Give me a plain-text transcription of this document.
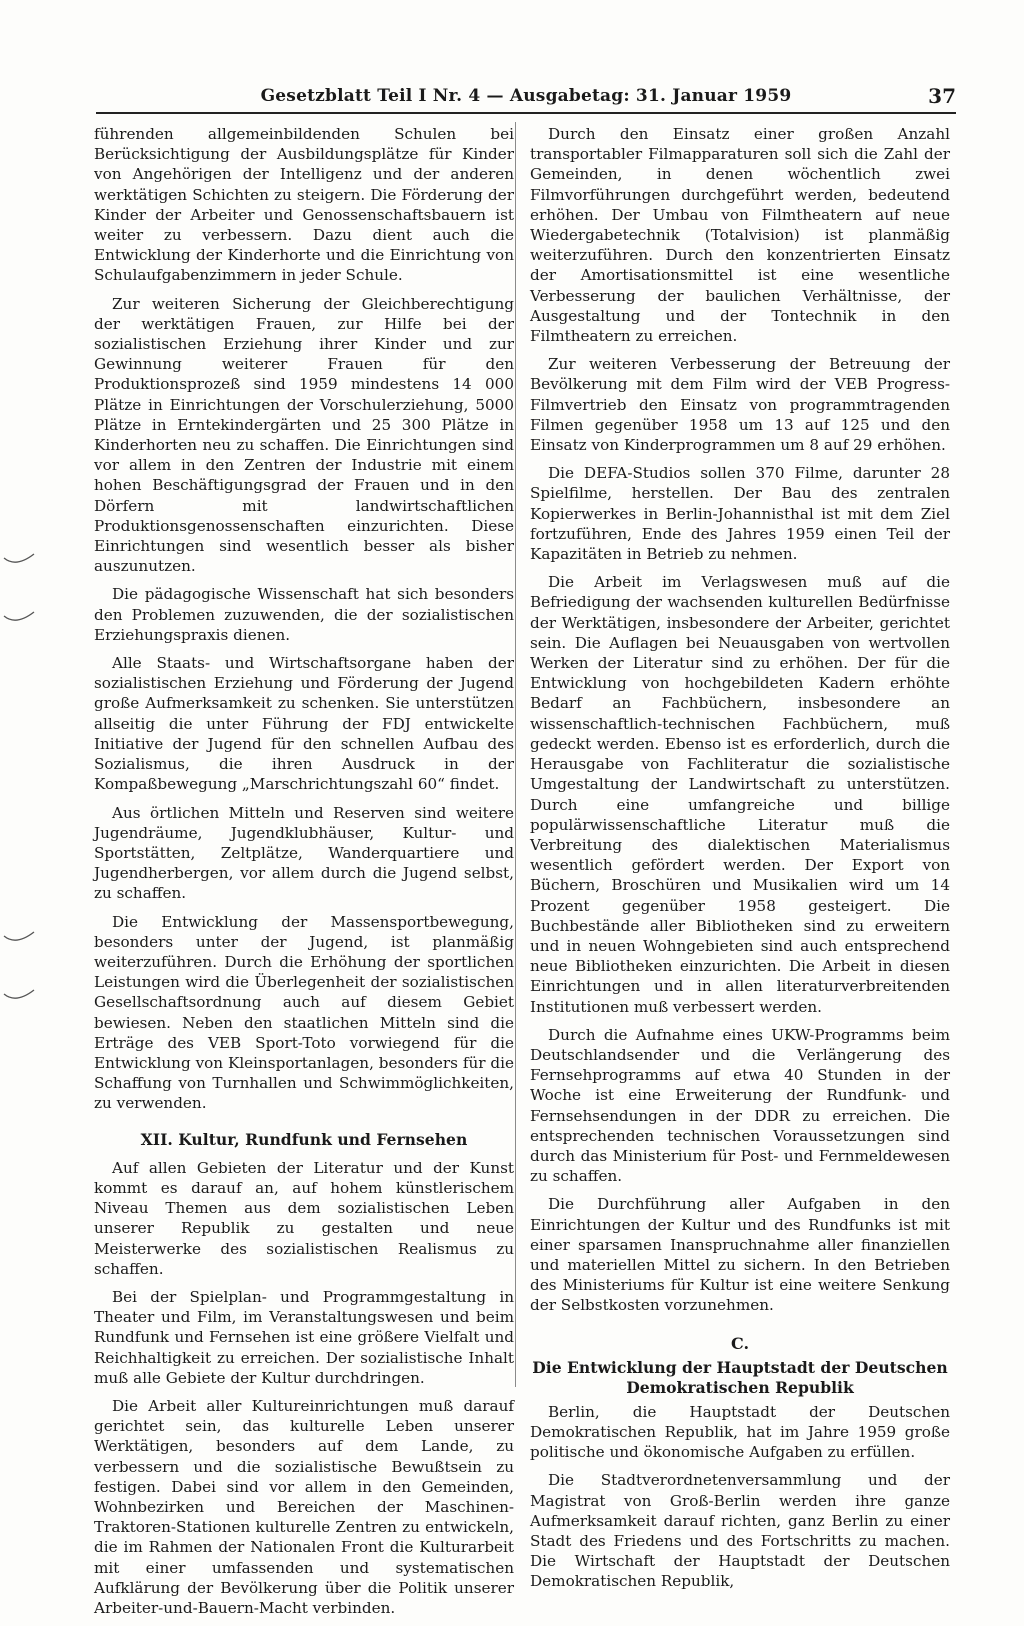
Gesetzblatt Teil I Nr. 4 — Ausgabetag: 31. Januar 1959	37

führenden allgemeinbildenden Schulen bei Berücksichtigung der Ausbildungsplätze für Kinder von Angehörigen der Intelligenz und der anderen werktätigen Schichten zu steigern. Die Förderung der Kinder der Arbeiter und Genossenschaftsbauern ist weiter zu verbessern. Dazu dient auch die Entwicklung der Kinderhorte und die Einrichtung von Schulaufgabenzimmern in jeder Schule.

Zur weiteren Sicherung der Gleichberechtigung der werktätigen Frauen, zur Hilfe bei der sozialistischen Erziehung ihrer Kinder und zur Gewinnung weiterer Frauen für den Produktionsprozeß sind 1959 mindestens 14 000 Plätze in Einrichtungen der Vorschulerziehung, 5000 Plätze in Erntekindergärten und 25 300 Plätze in Kinderhorten neu zu schaffen. Die Einrichtungen sind vor allem in den Zentren der Industrie mit einem hohen Beschäftigungsgrad der Frauen und in den Dörfern mit landwirtschaftlichen Produktionsgenossenschaften einzurichten. Diese Einrichtungen sind wesentlich besser als bisher auszunutzen.

Die pädagogische Wissenschaft hat sich besonders den Problemen zuzuwenden, die der sozialistischen Erziehungspraxis dienen.

Alle Staats- und Wirtschaftsorgane haben der sozialistischen Erziehung und Förderung der Jugend große Aufmerksamkeit zu schenken. Sie unterstützen allseitig die unter Führung der FDJ entwickelte Initiative der Jugend für den schnellen Aufbau des Sozialismus, die ihren Ausdruck in der Kompaßbewegung „Marschrichtungszahl 60“ findet.

Aus örtlichen Mitteln und Reserven sind weitere Jugendräume, Jugendklubhäuser, Kultur- und Sportstätten, Zeltplätze, Wanderquartiere und Jugendherbergen, vor allem durch die Jugend selbst, zu schaffen.

Die Entwicklung der Massensportbewegung, besonders unter der Jugend, ist planmäßig weiterzuführen. Durch die Erhöhung der sportlichen Leistungen wird die Überlegenheit der sozialistischen Gesellschaftsordnung auch auf diesem Gebiet bewiesen. Neben den staatlichen Mitteln sind die Erträge des VEB Sport-Toto vorwiegend für die Entwicklung von Kleinsportanlagen, besonders für die Schaffung von Turnhallen und Schwimmöglichkeiten, zu verwenden.

XII. Kultur, Rundfunk und Fernsehen

Auf allen Gebieten der Literatur und der Kunst kommt es darauf an, auf hohem künstlerischem Niveau Themen aus dem sozialistischen Leben unserer Republik zu gestalten und neue Meisterwerke des sozialistischen Realismus zu schaffen.

Bei der Spielplan- und Programmgestaltung in Theater und Film, im Veranstaltungswesen und beim Rundfunk und Fernsehen ist eine größere Vielfalt und Reichhaltigkeit zu erreichen. Der sozialistische Inhalt muß alle Gebiete der Kultur durchdringen.

Die Arbeit aller Kultureinrichtungen muß darauf gerichtet sein, das kulturelle Leben unserer Werktätigen, besonders auf dem Lande, zu verbessern und die sozialistische Bewußtsein zu festigen. Dabei sind vor allem in den Gemeinden, Wohnbezirken und Bereichen der Maschinen-Traktoren-Stationen kulturelle Zentren zu entwickeln, die im Rahmen der Nationalen Front die Kulturarbeit mit einer umfassenden und systematischen Aufklärung der Bevölkerung über die Politik unserer Arbeiter-und-Bauern-Macht verbinden.

Durch den Einsatz einer großen Anzahl transportabler Filmapparaturen soll sich die Zahl der Gemeinden, in denen wöchentlich zwei Filmvorführungen durchgeführt werden, bedeutend erhöhen. Der Umbau von Filmtheatern auf neue Wiedergabetechnik (Totalvision) ist planmäßig weiterzuführen. Durch den konzentrierten Einsatz der Amortisationsmittel ist eine wesentliche Verbesserung der baulichen Verhältnisse, der Ausgestaltung und der Tontechnik in den Filmtheatern zu erreichen.

Zur weiteren Verbesserung der Betreuung der Bevölkerung mit dem Film wird der VEB Progress-Filmvertrieb den Einsatz von programmtragenden Filmen gegenüber 1958 um 13 auf 125 und den Einsatz von Kinderprogrammen um 8 auf 29 erhöhen.

Die DEFA-Studios sollen 370 Filme, darunter 28 Spielfilme, herstellen. Der Bau des zentralen Kopierwerkes in Berlin-Johannisthal ist mit dem Ziel fortzuführen, Ende des Jahres 1959 einen Teil der Kapazitäten in Betrieb zu nehmen.

Die Arbeit im Verlagswesen muß auf die Befriedigung der wachsenden kulturellen Bedürfnisse der Werktätigen, insbesondere der Arbeiter, gerichtet sein. Die Auflagen bei Neuausgaben von wertvollen Werken der Literatur sind zu erhöhen. Der für die Entwicklung von hochgebildeten Kadern erhöhte Bedarf an Fachbüchern, insbesondere an wissenschaftlich-technischen Fachbüchern, muß gedeckt werden. Ebenso ist es erforderlich, durch die Herausgabe von Fachliteratur die sozialistische Umgestaltung der Landwirtschaft zu unterstützen. Durch eine umfangreiche und billige populärwissenschaftliche Literatur muß die Verbreitung des dialektischen Materialismus wesentlich gefördert werden. Der Export von Büchern, Broschüren und Musikalien wird um 14 Prozent gegenüber 1958 gesteigert. Die Buchbestände aller Bibliotheken sind zu erweitern und in neuen Wohngebieten sind auch entsprechend neue Bibliotheken einzurichten. Die Arbeit in diesen Einrichtungen und in allen literaturverbreitenden Institutionen muß verbessert werden.

Durch die Aufnahme eines UKW-Programms beim Deutschlandsender und die Verlängerung des Fernsehprogramms auf etwa 40 Stunden in der Woche ist eine Erweiterung der Rundfunk- und Fernsehsendungen in der DDR zu erreichen. Die entsprechenden technischen Voraussetzungen sind durch das Ministerium für Post- und Fernmeldewesen zu schaffen.

Die Durchführung aller Aufgaben in den Einrichtungen der Kultur und des Rundfunks ist mit einer sparsamen Inanspruchnahme aller finanziellen und materiellen Mittel zu sichern. In den Betrieben des Ministeriums für Kultur ist eine weitere Senkung der Selbstkosten vorzunehmen.

C.
Die Entwicklung der Hauptstadt der Deutschen Demokratischen Republik

Berlin, die Hauptstadt der Deutschen Demokratischen Republik, hat im Jahre 1959 große politische und ökonomische Aufgaben zu erfüllen.

Die Stadtverordnetenversammlung und der Magistrat von Groß-Berlin werden ihre ganze Aufmerksamkeit darauf richten, ganz Berlin zu einer Stadt des Friedens und des Fortschritts zu machen. Die Wirtschaft der Hauptstadt der Deutschen Demokratischen Republik,
